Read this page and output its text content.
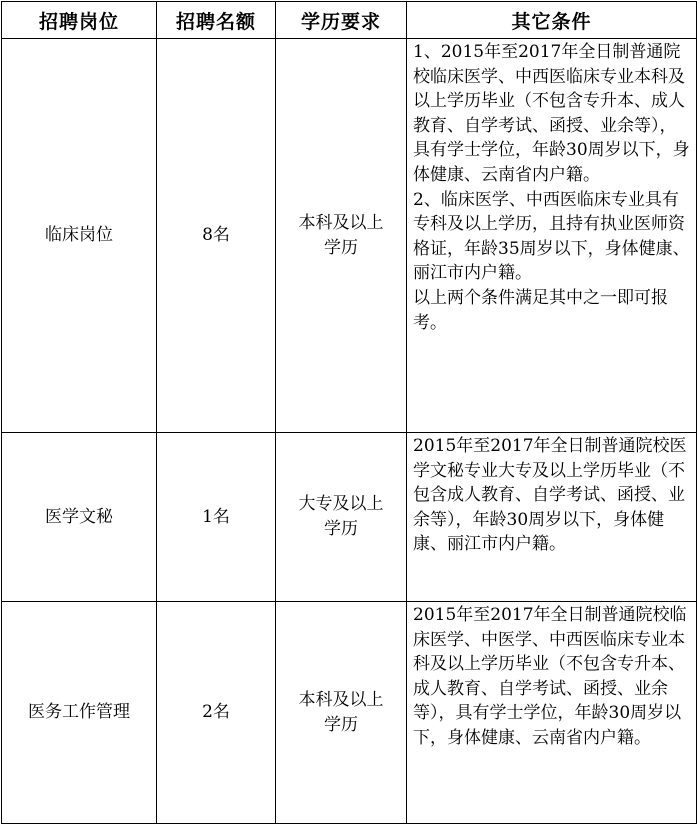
招聘岗位	招聘名额	学历要求	其它条件
临床岗位	8名	本科及以上学历	1、2015年至2017年全日制普通院校临床医学、中西医临床专业本科及以上学历毕业（不包含专升本、成人教育、自学考试、函授、业余等），具有学士学位，年龄30周岁以下，身体健康、云南省内户籍。

2、临床医学、中西医临床专业具有专科及以上学历，且持有执业医师资格证，年龄35周岁以下，身体健康、丽江市内户籍。

以上两个条件满足其中之一即可报考。

医学文秘	1名	大专及以上学历	2015年至2017年全日制普通院校医学文秘专业大专及以上学历毕业（不包含成人教育、自学考试、函授、业余等），年龄30周岁以下，身体健康、丽江市内户籍。

医务工作管理	2名	本科及以上学历	2015年至2017年全日制普通院校临床医学、中医学、中西医临床专业本科及以上学历毕业（不包含专升本、成人教育、自学考试、函授、业余等），具有学士学位，年龄30周岁以下，身体健康、云南省内户籍。
